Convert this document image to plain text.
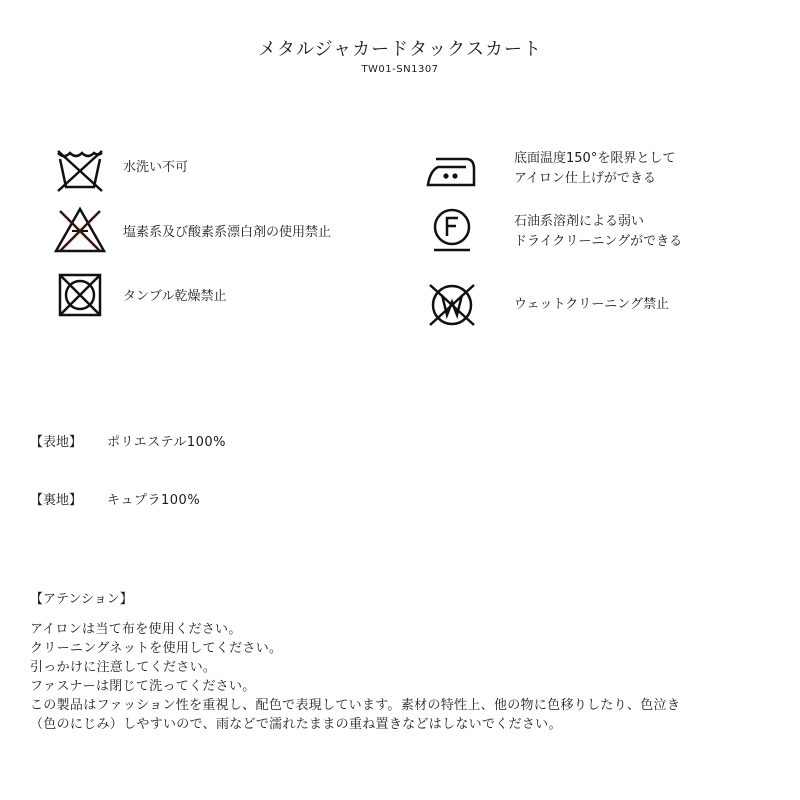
メタルジャカードタックスカート
TW01-SN1307
水洗い不可
塩素系及び酸素系漂白剤の使用禁止
タンブル乾燥禁止
底面温度150°を限界として
アイロン仕上げができる
石油系溶剤による弱い
ドライクリーニングができる
ウェットクリーニング禁止
【表地】 ポリエステル100%
【裏地】 キュプラ100%
【アテンション】
アイロンは当て布を使用ください。
クリーニングネットを使用してください。
引っかけに注意してください。
ファスナーは閉じて洗ってください。
この製品はファッション性を重視し、配色で表現しています。素材の特性上、他の物に色移りしたり、色泣き
（色のにじみ）しやすいので、雨などで濡れたままの重ね置きなどはしないでください。
